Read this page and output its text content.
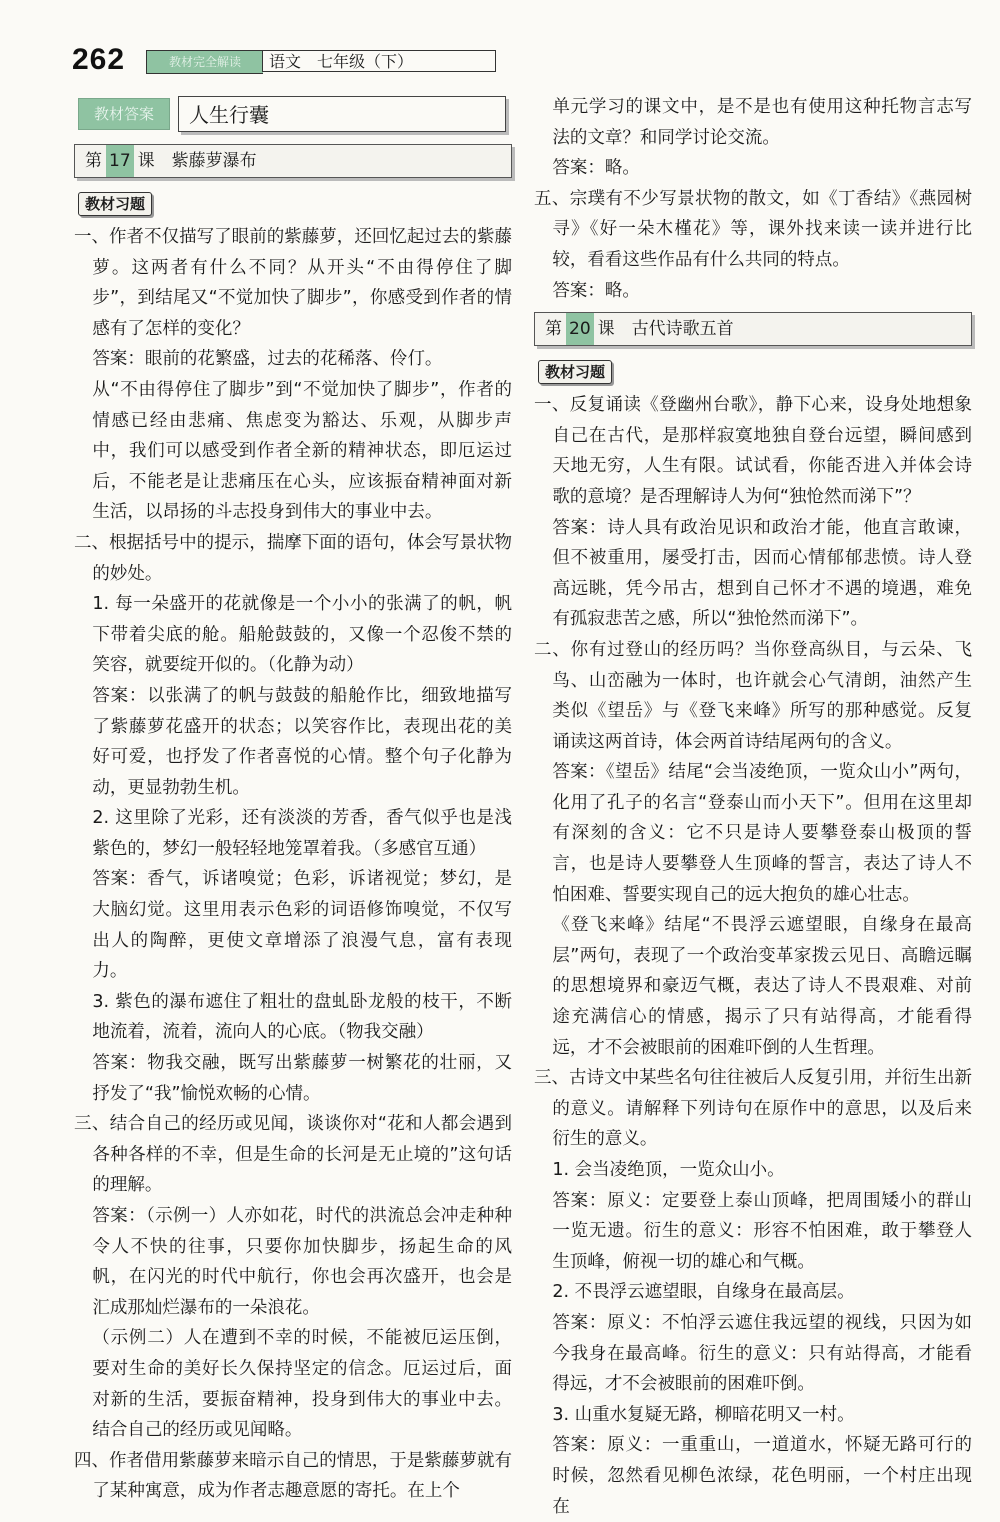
262	教材完全解读	语文　七年级（下）
教材答案	人生行囊
第 17 课　紫藤萝瀑布
教材习题

一、作者不仅描写了眼前的紫藤萝，还回忆起过去的紫藤萝。这两者有什么不同？从开头“不由得停住了脚步”，到结尾又“不觉加快了脚步”，你感受到作者的情感有了怎样的变化？

答案：眼前的花繁盛，过去的花稀落、伶仃。

从“不由得停住了脚步”到“不觉加快了脚步”，作者的情感已经由悲痛、焦虑变为豁达、乐观，从脚步声中，我们可以感受到作者全新的精神状态，即厄运过后，不能老是让悲痛压在心头，应该振奋精神面对新生活，以昂扬的斗志投身到伟大的事业中去。

二、根据括号中的提示，揣摩下面的语句，体会写景状物的妙处。

1. 每一朵盛开的花就像是一个小小的张满了的帆，帆下带着尖底的舱。船舱鼓鼓的，又像一个忍俊不禁的笑容，就要绽开似的。（化静为动）

答案：以张满了的帆与鼓鼓的船舱作比，细致地描写了紫藤萝花盛开的状态；以笑容作比，表现出花的美好可爱，也抒发了作者喜悦的心情。整个句子化静为动，更显勃勃生机。

2. 这里除了光彩，还有淡淡的芳香，香气似乎也是浅紫色的，梦幻一般轻轻地笼罩着我。（多感官互通）

答案：香气，诉诸嗅觉；色彩，诉诸视觉；梦幻，是大脑幻觉。这里用表示色彩的词语修饰嗅觉，不仅写出人的陶醉，更使文章增添了浪漫气息，富有表现力。

3. 紫色的瀑布遮住了粗壮的盘虬卧龙般的枝干，不断地流着，流着，流向人的心底。（物我交融）

答案：物我交融，既写出紫藤萝一树繁花的壮丽，又抒发了“我”愉悦欢畅的心情。

三、结合自己的经历或见闻，谈谈你对“花和人都会遇到各种各样的不幸，但是生命的长河是无止境的”这句话的理解。

答案：（示例一）人亦如花，时代的洪流总会冲走种种令人不快的往事，只要你加快脚步，扬起生命的风帆，在闪光的时代中航行，你也会再次盛开，也会是汇成那灿烂瀑布的一朵浪花。

（示例二）人在遭到不幸的时候，不能被厄运压倒，要对生命的美好长久保持坚定的信念。厄运过后，面对新的生活，要振奋精神，投身到伟大的事业中去。结合自己的经历或见闻略。

四、作者借用紫藤萝来暗示自己的情思，于是紫藤萝就有了某种寓意，成为作者志趣意愿的寄托。在上个

单元学习的课文中，是不是也有使用这种托物言志写法的文章？和同学讨论交流。

答案：略。

五、宗璞有不少写景状物的散文，如《丁香结》《燕园树寻》《好一朵木槿花》等，课外找来读一读并进行比较，看看这些作品有什么共同的特点。

答案：略。

第 20 课　古代诗歌五首
教材习题

一、反复诵读《登幽州台歌》，静下心来，设身处地想象自己在古代，是那样寂寞地独自登台远望，瞬间感到天地无穷，人生有限。试试看，你能否进入并体会诗歌的意境？是否理解诗人为何“独怆然而涕下”？

答案：诗人具有政治见识和政治才能，他直言敢谏，但不被重用，屡受打击，因而心情郁郁悲愤。诗人登高远眺，凭今吊古，想到自己怀才不遇的境遇，难免有孤寂悲苦之感，所以“独怆然而涕下”。

二、你有过登山的经历吗？当你登高纵目，与云朵、飞鸟、山峦融为一体时，也许就会心气清朗，油然产生类似《望岳》与《登飞来峰》所写的那种感觉。反复诵读这两首诗，体会两首诗结尾两句的含义。

答案：《望岳》结尾“会当凌绝顶，一览众山小”两句，化用了孔子的名言“登泰山而小天下”。但用在这里却有深刻的含义：它不只是诗人要攀登泰山极顶的誓言，也是诗人要攀登人生顶峰的誓言，表达了诗人不怕困难、誓要实现自己的远大抱负的雄心壮志。

《登飞来峰》结尾“不畏浮云遮望眼，自缘身在最高层”两句，表现了一个政治变革家拨云见日、高瞻远瞩的思想境界和豪迈气概，表达了诗人不畏艰难、对前途充满信心的情感，揭示了只有站得高，才能看得远，才不会被眼前的困难吓倒的人生哲理。

三、古诗文中某些名句往往被后人反复引用，并衍生出新的意义。请解释下列诗句在原作中的意思，以及后来衍生的意义。

1. 会当凌绝顶，一览众山小。

答案：原义：定要登上泰山顶峰，把周围矮小的群山一览无遗。衍生的意义：形容不怕困难，敢于攀登人生顶峰，俯视一切的雄心和气概。

2. 不畏浮云遮望眼，自缘身在最高层。

答案：原义：不怕浮云遮住我远望的视线，只因为如今我身在最高峰。衍生的意义：只有站得高，才能看得远，才不会被眼前的困难吓倒。

3. 山重水复疑无路，柳暗花明又一村。

答案：原义：一重重山，一道道水，怀疑无路可行的时候，忽然看见柳色浓绿，花色明丽，一个村庄出现在
